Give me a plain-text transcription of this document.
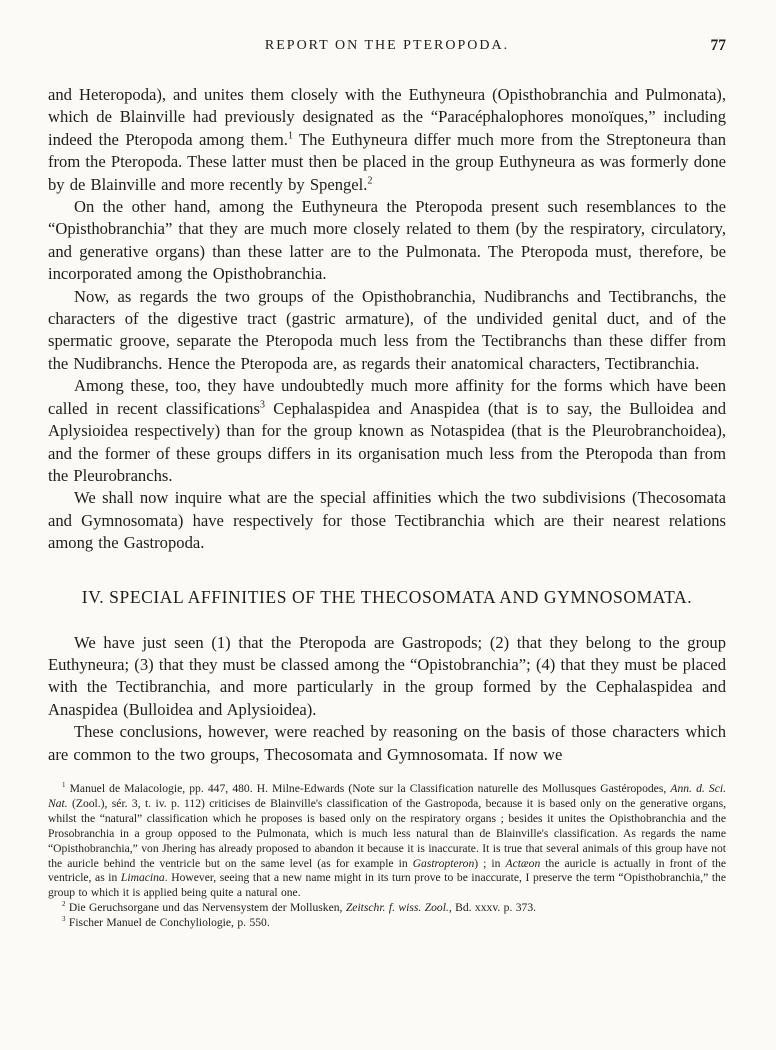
REPORT ON THE PTEROPODA.	77

and Heteropoda), and unites them closely with the Euthyneura (Opisthobranchia and Pulmonata), which de Blainville had previously designated as the “Paracéphalophores monoïques,” including indeed the Pteropoda among them.$^1$ The Euthyneura differ much more from the Streptoneura than from the Pteropoda. These latter must then be placed in the group Euthyneura as was formerly done by de Blainville and more recently by Spengel.$^2$

On the other hand, among the Euthyneura the Pteropoda present such resemblances to the “Opisthobranchia” that they are much more closely related to them (by the respiratory, circulatory, and generative organs) than these latter are to the Pulmonata. The Pteropoda must, therefore, be incorporated among the Opisthobranchia.

Now, as regards the two groups of the Opisthobranchia, Nudibranchs and Tectibranchs, the characters of the digestive tract (gastric armature), of the undivided genital duct, and of the spermatic groove, separate the Pteropoda much less from the Tectibranchs than these differ from the Nudibranchs. Hence the Pteropoda are, as regards their anatomical characters, Tectibranchia.

Among these, too, they have undoubtedly much more affinity for the forms which have been called in recent classifications$^3$ Cephalaspidea and Anaspidea (that is to say, the Bulloidea and Aplysioidea respectively) than for the group known as Notaspidea (that is the Pleurobranchoidea), and the former of these groups differs in its organisation much less from the Pteropoda than from the Pleurobranchs.

We shall now inquire what are the special affinities which the two subdivisions (Thecosomata and Gymnosomata) have respectively for those Tectibranchia which are their nearest relations among the Gastropoda.

IV. SPECIAL AFFINITIES OF THE THECOSOMATA AND GYMNOSOMATA.

We have just seen (1) that the Pteropoda are Gastropods; (2) that they belong to the group Euthyneura; (3) that they must be classed among the “Opistobranchia”; (4) that they must be placed with the Tectibranchia, and more particularly in the group formed by the Cephalaspidea and Anaspidea (Bulloidea and Aplysioidea).

These conclusions, however, were reached by reasoning on the basis of those characters which are common to the two groups, Thecosomata and Gymnosomata. If now we

$^1$ Manuel de Malacologie, pp. 447, 480. H. Milne-Edwards (Note sur la Classification naturelle des Mollusques Gastéropodes, Ann. d. Sci. Nat. (Zool.), sér. 3, t. iv. p. 112) criticises de Blainville's classification of the Gastropoda, because it is based only on the generative organs, whilst the “natural” classification which he proposes is based only on the respiratory organs ; besides it unites the Opisthobranchia and the Prosobranchia in a group opposed to the Pulmonata, which is much less natural than de Blainville's classification. As regards the name “Opisthobranchia,” von Jhering has already proposed to abandon it because it is inaccurate. It is true that several animals of this group have not the auricle behind the ventricle but on the same level (as for example in Gastropteron) ; in Actæon the auricle is actually in front of the ventricle, as in Limacina. However, seeing that a new name might in its turn prove to be inaccurate, I preserve the term “Opisthobranchia,” the group to which it is applied being quite a natural one.

$^2$ Die Geruchsorgane und das Nervensystem der Mollusken, Zeitschr. f. wiss. Zool., Bd. xxxv. p. 373.

$^3$ Fischer Manuel de Conchyliologie, p. 550.
